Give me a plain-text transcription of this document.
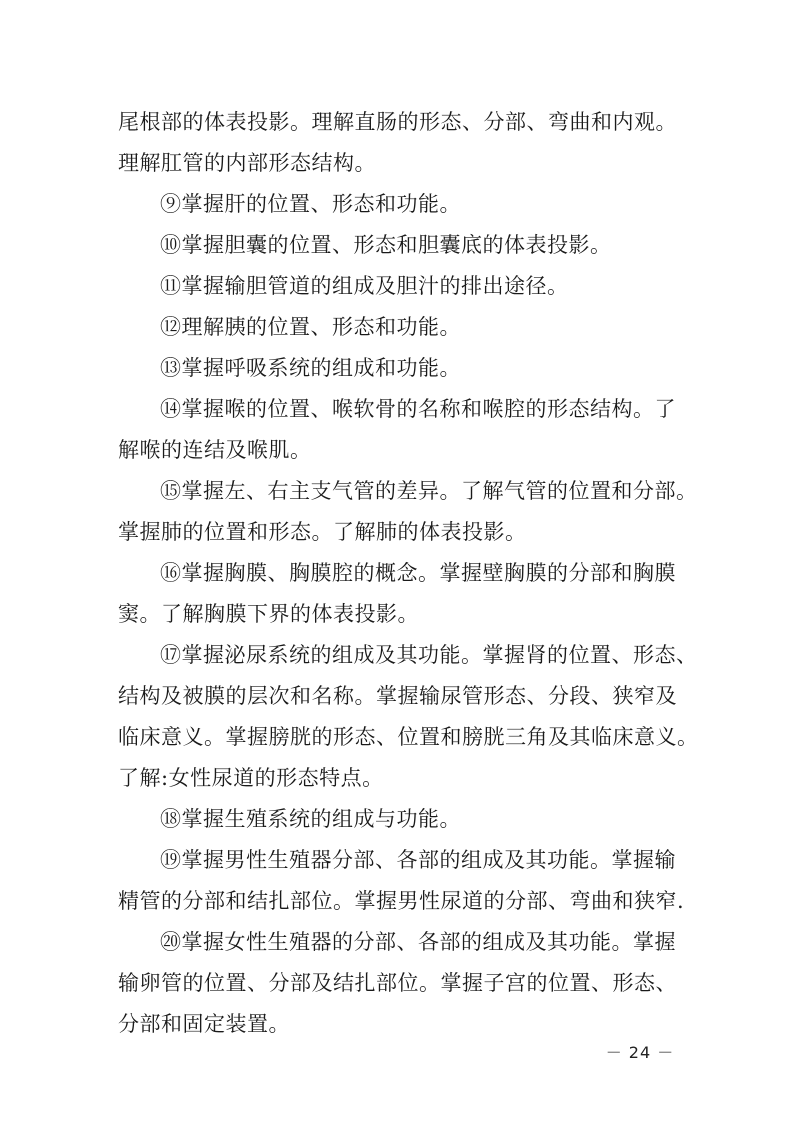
尾根部的体表投影。理解直肠的形态、分部、弯曲和内观。
理解肛管的内部形态结构。
⑨掌握肝的位置、形态和功能。
⑩掌握胆囊的位置、形态和胆囊底的体表投影。
⑪掌握输胆管道的组成及胆汁的排出途径。
⑫理解胰的位置、形态和功能。
⑬掌握呼吸系统的组成和功能。
⑭掌握喉的位置、喉软骨的名称和喉腔的形态结构。了
解喉的连结及喉肌。
⑮掌握左、右主支气管的差异。了解气管的位置和分部。
掌握肺的位置和形态。了解肺的体表投影。
⑯掌握胸膜、胸膜腔的概念。掌握壁胸膜的分部和胸膜
窦。了解胸膜下界的体表投影。
⑰掌握泌尿系统的组成及其功能。掌握肾的位置、形态、
结构及被膜的层次和名称。掌握输尿管形态、分段、狭窄及
临床意义。掌握膀胱的形态、位置和膀胱三角及其临床意义。
了解:女性尿道的形态特点。
⑱掌握生殖系统的组成与功能。
⑲掌握男性生殖器分部、各部的组成及其功能。掌握输
精管的分部和结扎部位。掌握男性尿道的分部、弯曲和狭窄.
⑳掌握女性生殖器的分部、各部的组成及其功能。掌握
输卵管的位置、分部及结扎部位。掌握子宫的位置、形态、
分部和固定装置。
－ 24 －
